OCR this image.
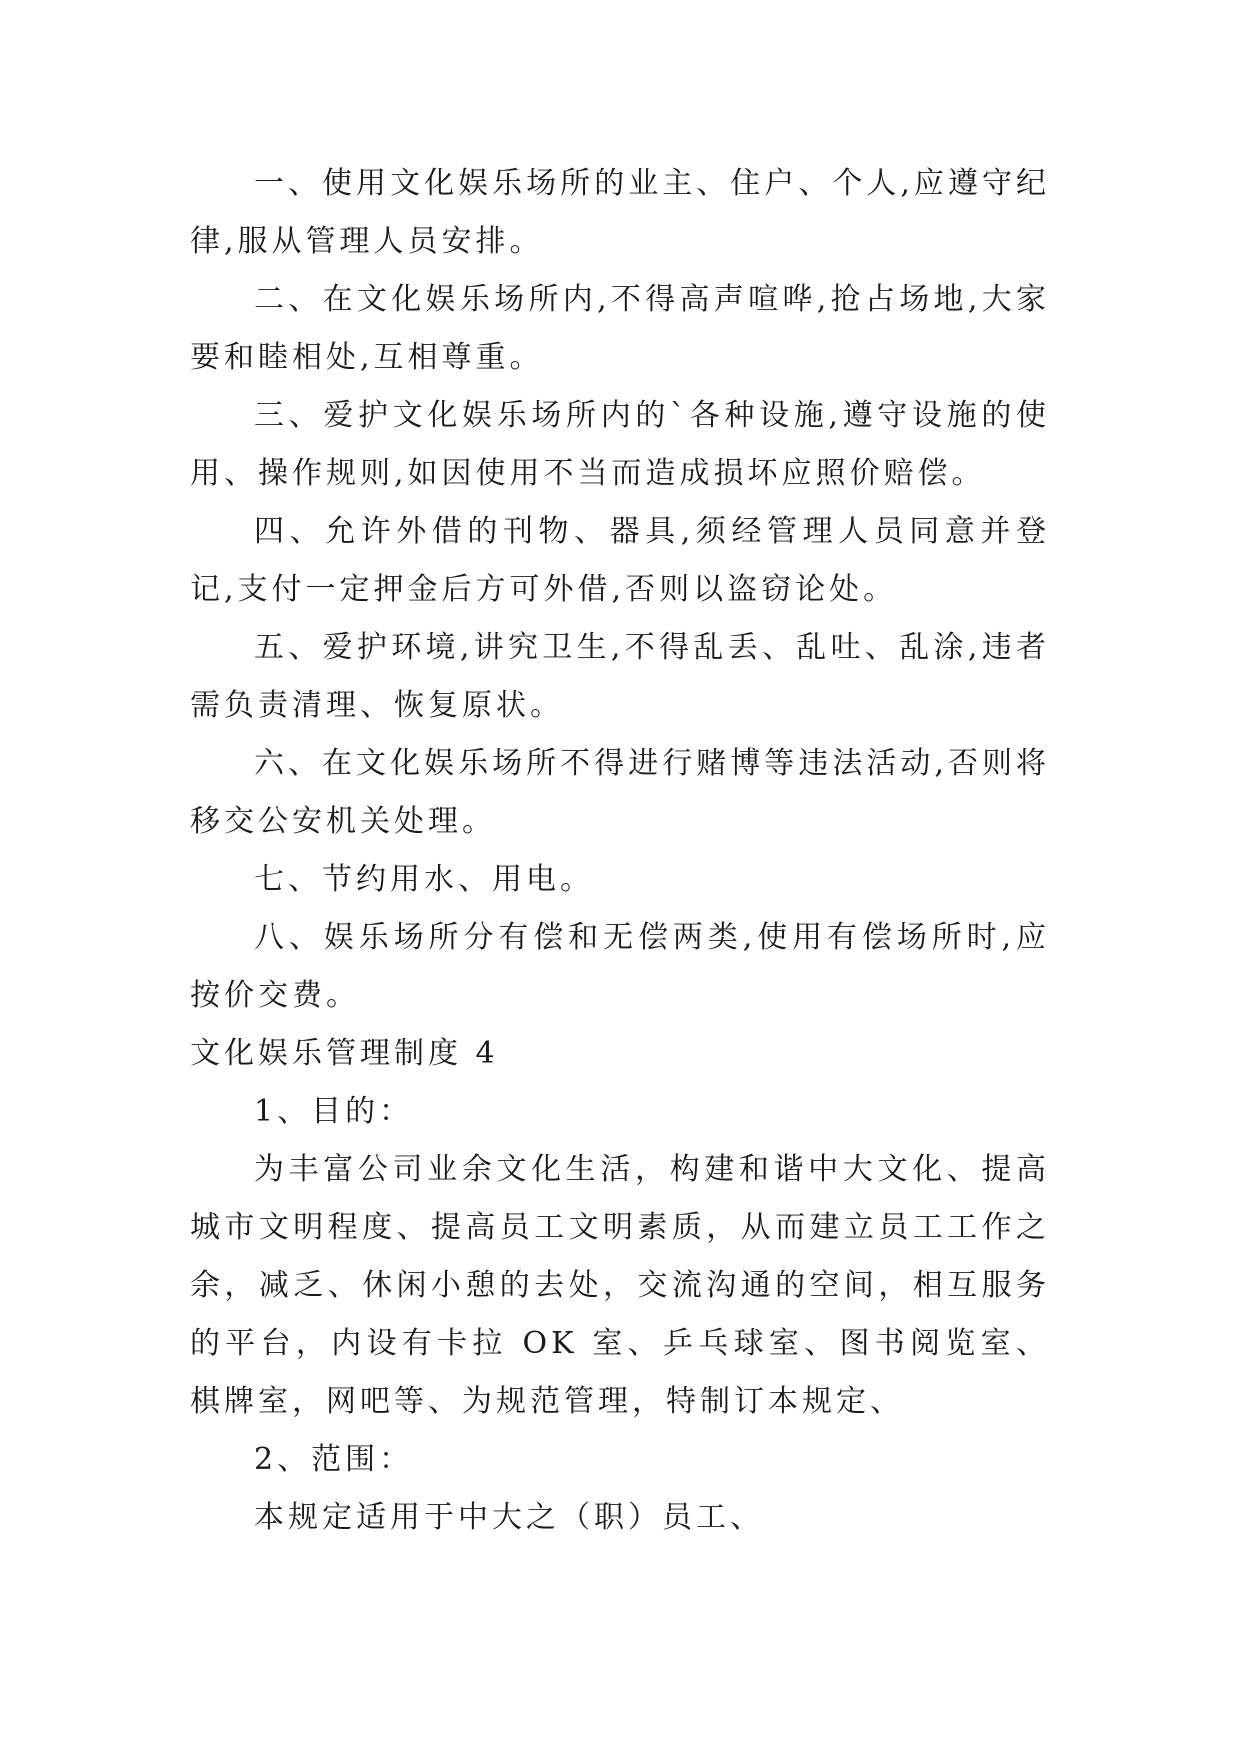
一、使用文化娱乐场所的业主、住户、个人,应遵守纪律,服从管理人员安排。

二、在文化娱乐场所内,不得高声喧哗,抢占场地,大家要和睦相处,互相尊重。

三、爱护文化娱乐场所内的`各种设施,遵守设施的使用、操作规则,如因使用不当而造成损坏应照价赔偿。

四、允许外借的刊物、器具,须经管理人员同意并登记,支付一定押金后方可外借,否则以盗窃论处。

五、爱护环境,讲究卫生,不得乱丢、乱吐、乱涂,违者需负责清理、恢复原状。

六、在文化娱乐场所不得进行赌博等违法活动,否则将移交公安机关处理。

七、节约用水、用电。

八、娱乐场所分有偿和无偿两类,使用有偿场所时,应按价交费。

文化娱乐管理制度 4

1、目的：

为丰富公司业余文化生活，构建和谐中大文化、提高城市文明程度、提高员工文明素质，从而建立员工工作之余，减乏、休闲小憩的去处，交流沟通的空间，相互服务的平台，内设有卡拉 OK 室、乒乓球室、图书阅览室、棋牌室，网吧等、为规范管理，特制订本规定、

2、范围：

本规定适用于中大之（职）员工、
